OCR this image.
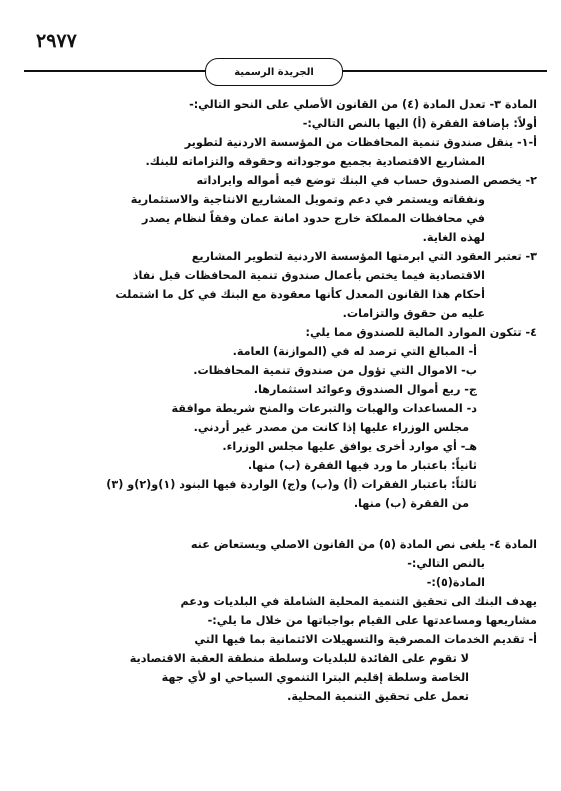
٢٩٧٧
الجريدة الرسمية
المادة ٣- تعدل المادة (٤) من القانون الأصلي على النحو التالي:-
أولاً: بإضافة الفقرة (أ) اليها بالنص التالي:-
أ-١- ينقل صندوق تنمية المحافظات من المؤسسة الاردنية لتطوير
المشاريع الاقتصادية بجميع موجوداته وحقوقه والتزاماته للبنك.
٢- يخصص الصندوق حساب في البنك توضع فيه أمواله وايراداته
ونفقاته ويستمر في دعم وتمويل المشاريع الانتاجية والاستثمارية
في محافظات المملكة خارج حدود امانة عمان وفقاً لنظام يصدر
لهذه الغاية.
٣- تعتبر العقود التي ابرمتها المؤسسة الاردنية لتطوير المشاريع
الاقتصادية فيما يختص بأعمال صندوق تنمية المحافظات قبل نفاذ
أحكام هذا القانون المعدل كأنها معقودة مع البنك في كل ما اشتملت
عليه من حقوق والتزامات.
٤- تتكون الموارد المالية للصندوق مما يلي:
أ- المبالغ التي ترصد له في (الموازنة) العامة.
ب- الاموال التي تؤول من صندوق تنمية المحافظات.
ج- ريع أموال الصندوق وعوائد استثمارها.
د- المساعدات والهبات والتبرعات والمنح شريطة موافقة
مجلس الوزراء عليها إذا كانت من مصدر غير أردني.
هـ- أي موارد أخرى يوافق عليها مجلس الوزراء.
ثانياً: باعتبار ما ورد فيها الفقرة (ب) منها.
ثالثاً: باعتبار الفقرات (أ) و(ب) و(ج) الواردة فيها البنود (١)و(٢)و (٣)
من الفقرة (ب) منها.
المادة ٤- يلغى نص المادة (٥) من القانون الاصلي ويستعاض عنه
بالنص التالي:-
المادة(٥):-
يهدف البنك الى تحقيق التنمية المحلية الشاملة في البلديات ودعم
مشاريعها ومساعدتها على القيام بواجباتها من خلال ما يلي:-
أ- تقديم الخدمات المصرفية والتسهيلات الائتمانية بما فيها التي
لا تقوم على الفائدة للبلديات وسلطة منطقة العقبة الاقتصادية
الخاصة وسلطة إقليم البترا التنموي السياحي او لأي جهة
تعمل على تحقيق التنمية المحلية.
